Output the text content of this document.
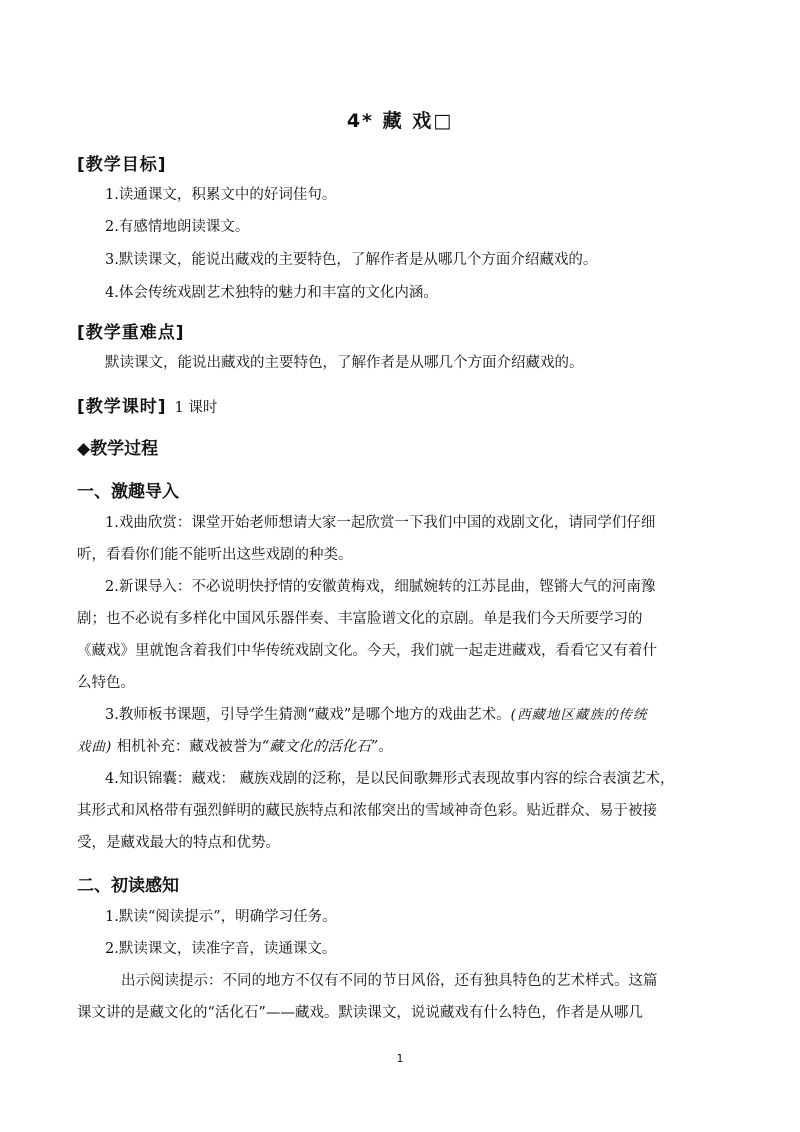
4* 藏 戏□
[教学目标]
1.读通课文，积累文中的好词佳句。
2.有感情地朗读课文。
3.默读课文，能说出藏戏的主要特色，了解作者是从哪几个方面介绍藏戏的。
4.体会传统戏剧艺术独特的魅力和丰富的文化内涵。
[教学重难点]
默读课文，能说出藏戏的主要特色，了解作者是从哪几个方面介绍藏戏的。
[教学课时] 1 课时
◆教学过程
一、激趣导入
1.戏曲欣赏：课堂开始老师想请大家一起欣赏一下我们中国的戏剧文化，请同学们仔细
听，看看你们能不能听出这些戏剧的种类。
2.新课导入：不必说明快抒情的安徽黄梅戏，细腻婉转的江苏昆曲，铿锵大气的河南豫
剧；也不必说有多样化中国风乐器伴奏、丰富脸谱文化的京剧。单是我们今天所要学习的
《藏戏》里就饱含着我们中华传统戏剧文化。今天，我们就一起走进藏戏，看看它又有着什
么特色。
3.教师板书课题，引导学生猜测“藏戏”是哪个地方的戏曲艺术。(西藏地区藏族的传统
戏曲) 相机补充：藏戏被誉为“藏文化的活化石”。
4.知识锦囊：藏戏： 藏族戏剧的泛称，是以民间歌舞形式表现故事内容的综合表演艺术，
其形式和风格带有强烈鲜明的藏民族特点和浓郁突出的雪域神奇色彩。贴近群众、易于被接
受，是藏戏最大的特点和优势。
二、初读感知
1.默读“阅读提示”，明确学习任务。
2.默读课文，读准字音，读通课文。
出示阅读提示：不同的地方不仅有不同的节日风俗，还有独具特色的艺术样式。这篇
课文讲的是藏文化的“活化石”——藏戏。默读课文，说说藏戏有什么特色，作者是从哪几
1
